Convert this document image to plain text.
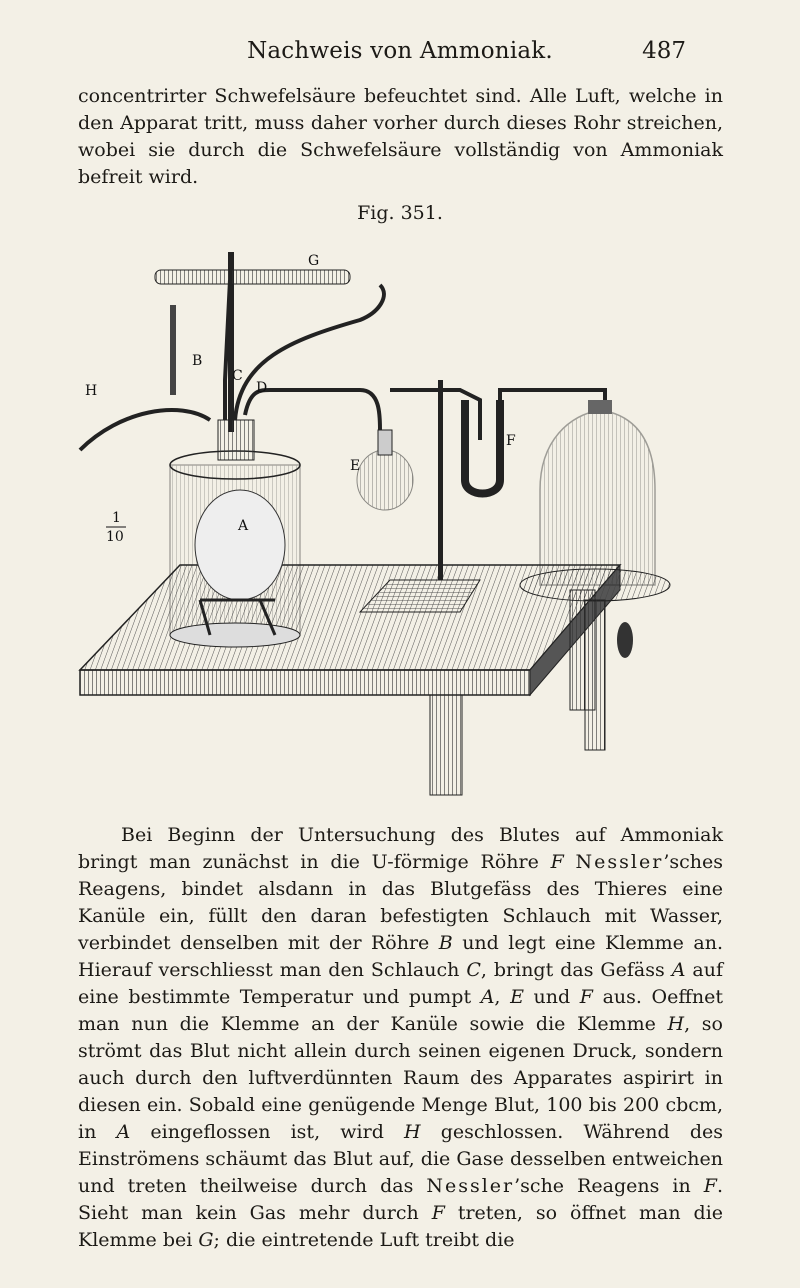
Nachweis von Ammoniak.	487

concentrirter Schwefelsäure befeuchtet sind. Alle Luft, welche in den Apparat tritt, muss daher vorher durch dieses Rohr streichen, wobei sie durch die Schwefelsäure vollständig von Ammoniak befreit wird.

Fig. 351.
G
B
C
D
H
E
F
A
1
10

Bei Beginn der Untersuchung des Blutes auf Ammoniak bringt man zunächst in die U-förmige Röhre F Nessler’sches Reagens, bindet alsdann in das Blutgefäss des Thieres eine Kanüle ein, füllt den daran befestigten Schlauch mit Wasser, verbindet denselben mit der Röhre B und legt eine Klemme an. Hierauf verschliesst man den Schlauch C, bringt das Gefäss A auf eine bestimmte Temperatur und pumpt A, E und F aus. Oeffnet man nun die Klemme an der Kanüle sowie die Klemme H, so strömt das Blut nicht allein durch seinen eigenen Druck, sondern auch durch den luftverdünnten Raum des Apparates aspirirt in diesen ein. Sobald eine genügende Menge Blut, 100 bis 200 cbcm, in A eingeflossen ist, wird H geschlossen. Während des Einströmens schäumt das Blut auf, die Gase desselben entweichen und treten theilweise durch das Nessler’sche Reagens in F. Sieht man kein Gas mehr durch F treten, so öffnet man die Klemme bei G; die eintretende Luft treibt die
